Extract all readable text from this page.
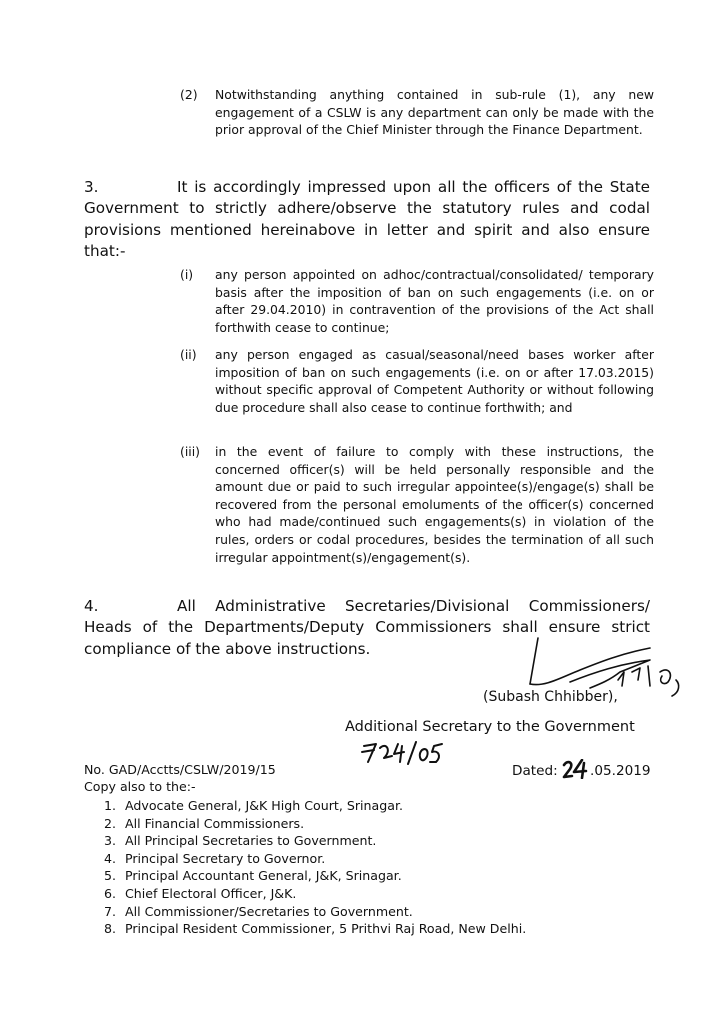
(2) Notwithstanding anything contained in sub-rule (1), any new engagement of a CSLW is any department can only be made with the prior approval of the Chief Minister through the Finance Department.
3.	It is accordingly impressed upon all the officers of the State Government to strictly adhere/observe the statutory rules and codal provisions mentioned hereinabove in letter and spirit and also ensure that:-
(i) any person appointed on adhoc/contractual/consolidated/ temporary basis after the imposition of ban on such engagements (i.e. on or after 29.04.2010) in contravention of the provisions of the Act shall forthwith cease to continue;
(ii) any person engaged as casual/seasonal/need bases worker after imposition of ban on such engagements (i.e. on or after 17.03.2015) without specific approval of Competent Authority or without following due procedure shall also cease to continue forthwith; and
(iii) in the event of failure to comply with these instructions, the concerned officer(s) will be held personally responsible and the amount due or paid to such irregular appointee(s)/engage(s) shall be recovered from the personal emoluments of the officer(s) concerned who had made/continued such engagements(s) in violation of the rules, orders or codal procedures, besides the termination of all such irregular appointment(s)/engagement(s).
4.	All Administrative Secretaries/Divisional Commissioners/ Heads of the Departments/Deputy Commissioners shall ensure strict compliance of the above instructions.
(Subash Chhibber),
Additional Secretary to the Government
No. GAD/Acctts/CSLW/2019/15	Dated: .05.2019
Copy also to the:-
1. Advocate General, J&K High Court, Srinagar.
2. All Financial Commissioners.
3. All Principal Secretaries to Government.
4. Principal Secretary to Governor.
5. Principal Accountant General, J&K, Srinagar.
6. Chief Electoral Officer, J&K.
7. All Commissioner/Secretaries to Government.
8. Principal Resident Commissioner, 5 Prithvi Raj Road, New Delhi.
